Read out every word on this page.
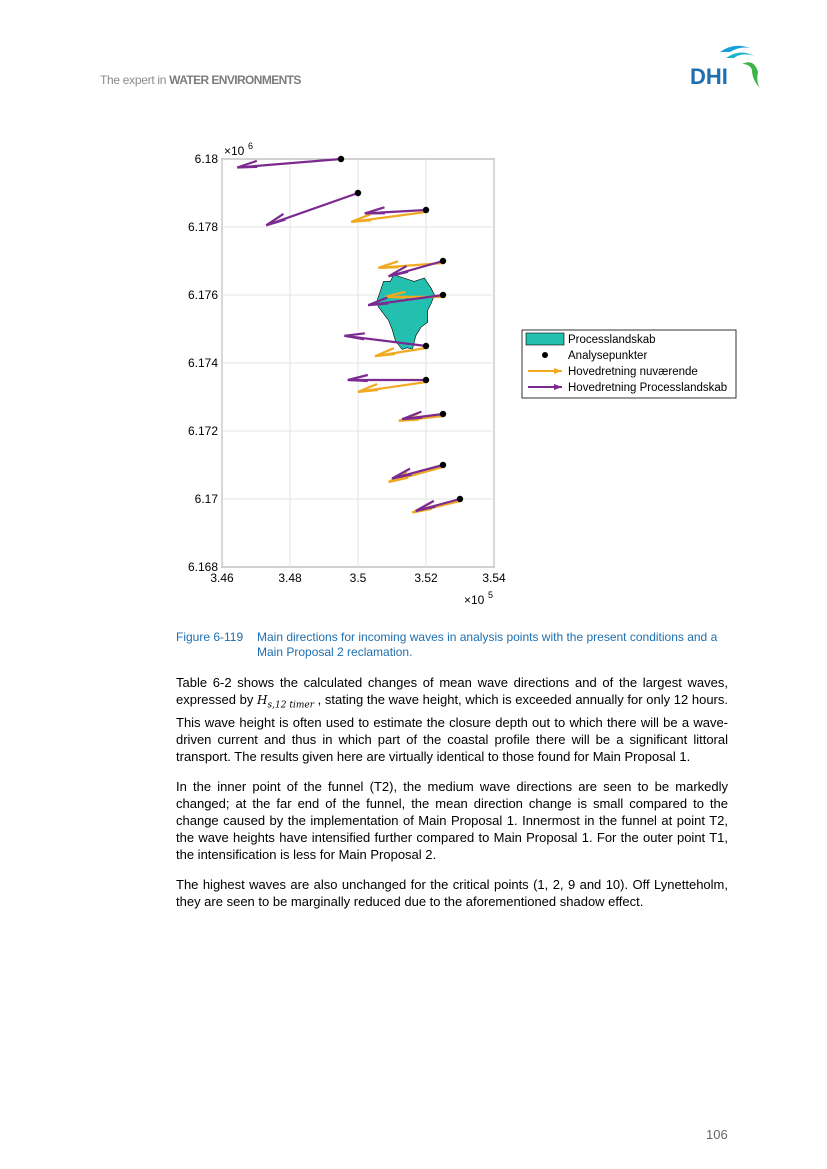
The expert in WATER ENVIRONMENTS	DHI
3.46	3.48	3.5	3.52	3.54
6.168
6.17
6.172
6.174
6.176
6.178
6.18
×10 6
×10 5
Processlandskab
Analysepunkter
Hovedretning nuværende
Hovedretning Processlandskab
Figure 6-119 Main directions for incoming waves in analysis points with the present conditions and a Main Proposal 2 reclamation.

Table 6-2 shows the calculated changes of mean wave directions and of the largest waves, expressed by $H_{s,12 timer}$ , stating the wave height, which is exceeded annually for only 12 hours. This wave height is often used to estimate the closure depth out to which there will be a wave-driven current and thus in which part of the coastal profile there will be a significant littoral transport. The results given here are virtually identical to those found for Main Proposal 1.

In the inner point of the funnel (T2), the medium wave directions are seen to be markedly changed; at the far end of the funnel, the mean direction change is small compared to the change caused by the implementation of Main Proposal 1. Innermost in the funnel at point T2, the wave heights have intensified further compared to Main Proposal 1. For the outer point T1, the intensification is less for Main Proposal 2.

The highest waves are also unchanged for the critical points (1, 2, 9 and 10). Off Lynetteholm, they are seen to be marginally reduced due to the aforementioned shadow effect.

106
